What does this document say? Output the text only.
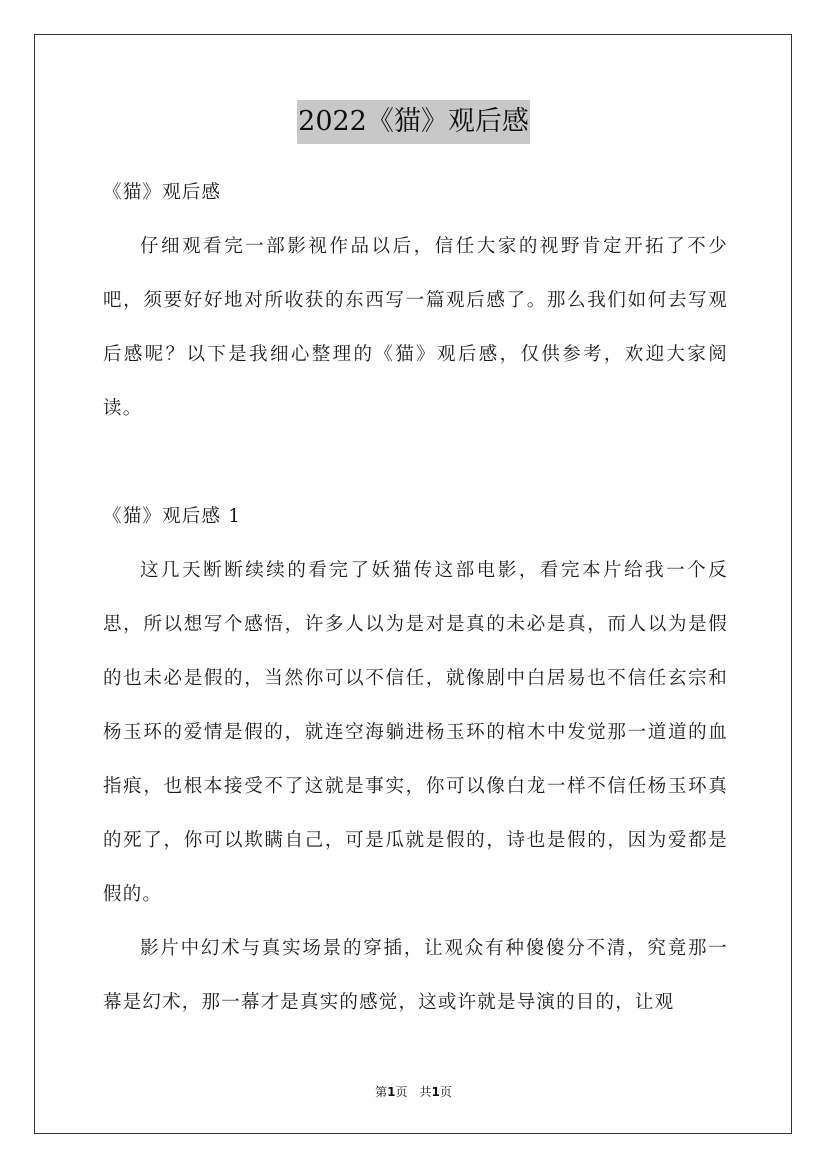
2022《猫》观后感

《猫》观后感

仔细观看完一部影视作品以后，信任大家的视野肯定开拓了不少吧，须要好好地对所收获的东西写一篇观后感了。那么我们如何去写观后感呢？以下是我细心整理的《猫》观后感，仅供参考，欢迎大家阅读。

《猫》观后感 1

这几天断断续续的看完了妖猫传这部电影，看完本片给我一个反思，所以想写个感悟，许多人以为是对是真的未必是真，而人以为是假的也未必是假的，当然你可以不信任，就像剧中白居易也不信任玄宗和杨玉环的爱情是假的，就连空海躺进杨玉环的棺木中发觉那一道道的血指痕，也根本接受不了这就是事实，你可以像白龙一样不信任杨玉环真的死了，你可以欺瞒自己，可是瓜就是假的，诗也是假的，因为爱都是假的。

影片中幻术与真实场景的穿插，让观众有种傻傻分不清，究竟那一幕是幻术，那一幕才是真实的感觉，这或许就是导演的目的，让观

第1页　共1页
